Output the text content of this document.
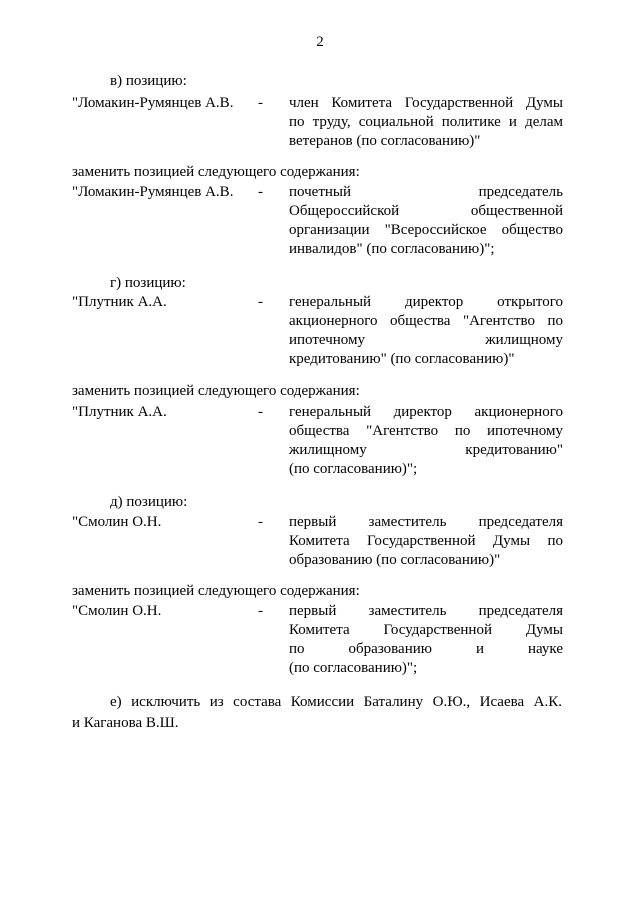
2
в) позицию:
"Ломакин-Румянцев А.В. - член Комитета Государственной Думы
по труду, социальной политике и делам
ветеранов (по согласованию)"
заменить позицией следующего содержания:
"Ломакин-Румянцев А.В. - почетный председатель
Общероссийской общественной
организации "Всероссийское общество
инвалидов" (по согласованию)";
г) позицию:
"Плутник А.А.	- генеральный директор открытого
акционерного общества "Агентство по
ипотечному жилищному
кредитованию" (по согласованию)"
заменить позицией следующего содержания:
"Плутник А.А.	- генеральный директор акционерного
общества "Агентство по ипотечному
жилищному кредитованию"
(по согласованию)";
д) позицию:
"Смолин О.Н.	- первый заместитель председателя
Комитета Государственной Думы по
образованию (по согласованию)"
заменить позицией следующего содержания:
"Смолин О.Н.	- первый заместитель председателя
Комитета Государственной Думы
по образованию и науке
(по согласованию)";
е) исключить из состава Комиссии Баталину О.Ю., Исаева А.К.
и Каганова В.Ш.
